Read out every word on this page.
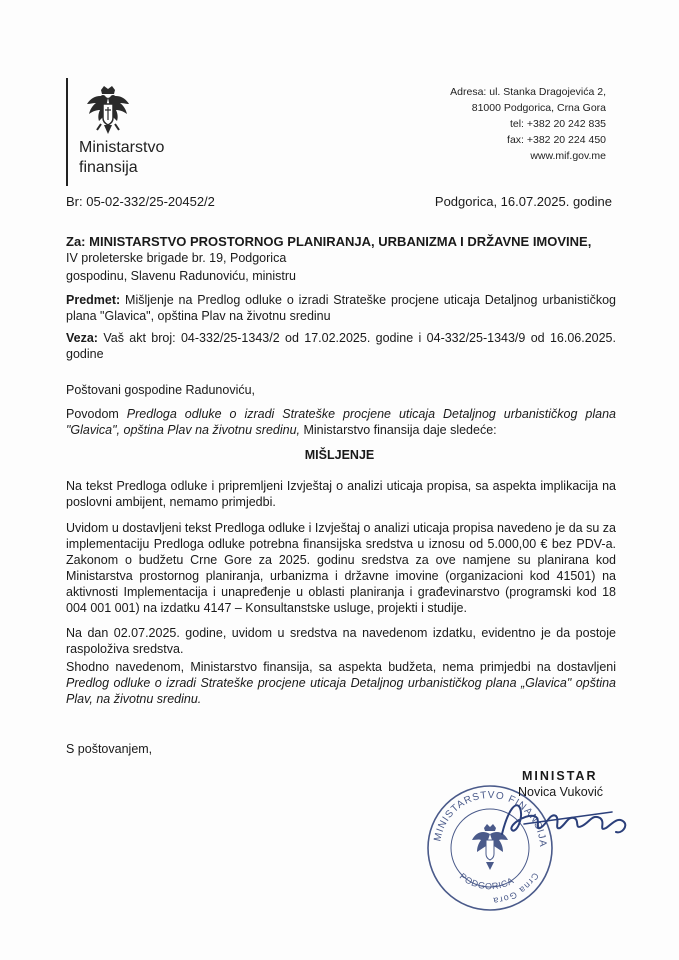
Ministarstvo
finansija
Adresa: ul. Stanka Dragojevića 2,
81000 Podgorica, Crna Gora
tel: +382 20 242 835
fax: +382 20 224 450
www.mif.gov.me
Br: 05-02-332/25-20452/2	Podgorica, 16.07.2025. godine
Za: MINISTARSTVO PROSTORNOG PLANIRANJA, URBANIZMA I DRŽAVNE IMOVINE,
IV proleterske brigade br. 19, Podgorica
gospodinu, Slavenu Radunoviću, ministru
Predmet: Mišljenje na Predlog odluke o izradi Strateške procjene uticaja Detaljnog urbanističkog plana "Glavica", opština Plav na životnu sredinu
Veza: Vaš akt broj: 04-332/25-1343/2 od 17.02.2025. godine i 04-332/25-1343/9 od 16.06.2025. godine
Poštovani gospodine Radunoviću,
Povodom Predloga odluke o izradi Strateške procjene uticaja Detaljnog urbanističkog plana "Glavica", opština Plav na životnu sredinu, Ministarstvo finansija daje sledeće:
MIŠLJENJE
Na tekst Predloga odluke i pripremljeni Izvještaj o analizi uticaja propisa, sa aspekta implikacija na poslovni ambijent, nemamo primjedbi.
Uvidom u dostavljeni tekst Predloga odluke i Izvještaj o analizi uticaja propisa navedeno je da su za implementaciju Predloga odluke potrebna finansijska sredstva u iznosu od 5.000,00 € bez PDV-a. Zakonom o budžetu Crne Gore za 2025. godinu sredstva za ove namjene su planirana kod Ministarstva prostornog planiranja, urbanizma i državne imovine (organizacioni kod 41501) na aktivnosti Implementacija i unapređenje u oblasti planiranja i građevinarstvo (programski kod 18 004 001 001) na izdatku 4147 – Konsultanstske usluge, projekti i studije.
Na dan 02.07.2025. godine, uvidom u sredstva na navedenom izdatku, evidentno je da postoje raspoloživa sredstva.
Shodno navedenom, Ministarstvo finansija, sa aspekta budžeta, nema primjedbi na dostavljeni Predlog odluke o izradi Strateške procjene uticaja Detaljnog urbanističkog plana „Glavica" opština Plav, na životnu sredinu.
S poštovanjem,
MINISTARSTVO FINANSIJA
Crna Gora
PODGORICA
MINISTAR
Novica Vuković
